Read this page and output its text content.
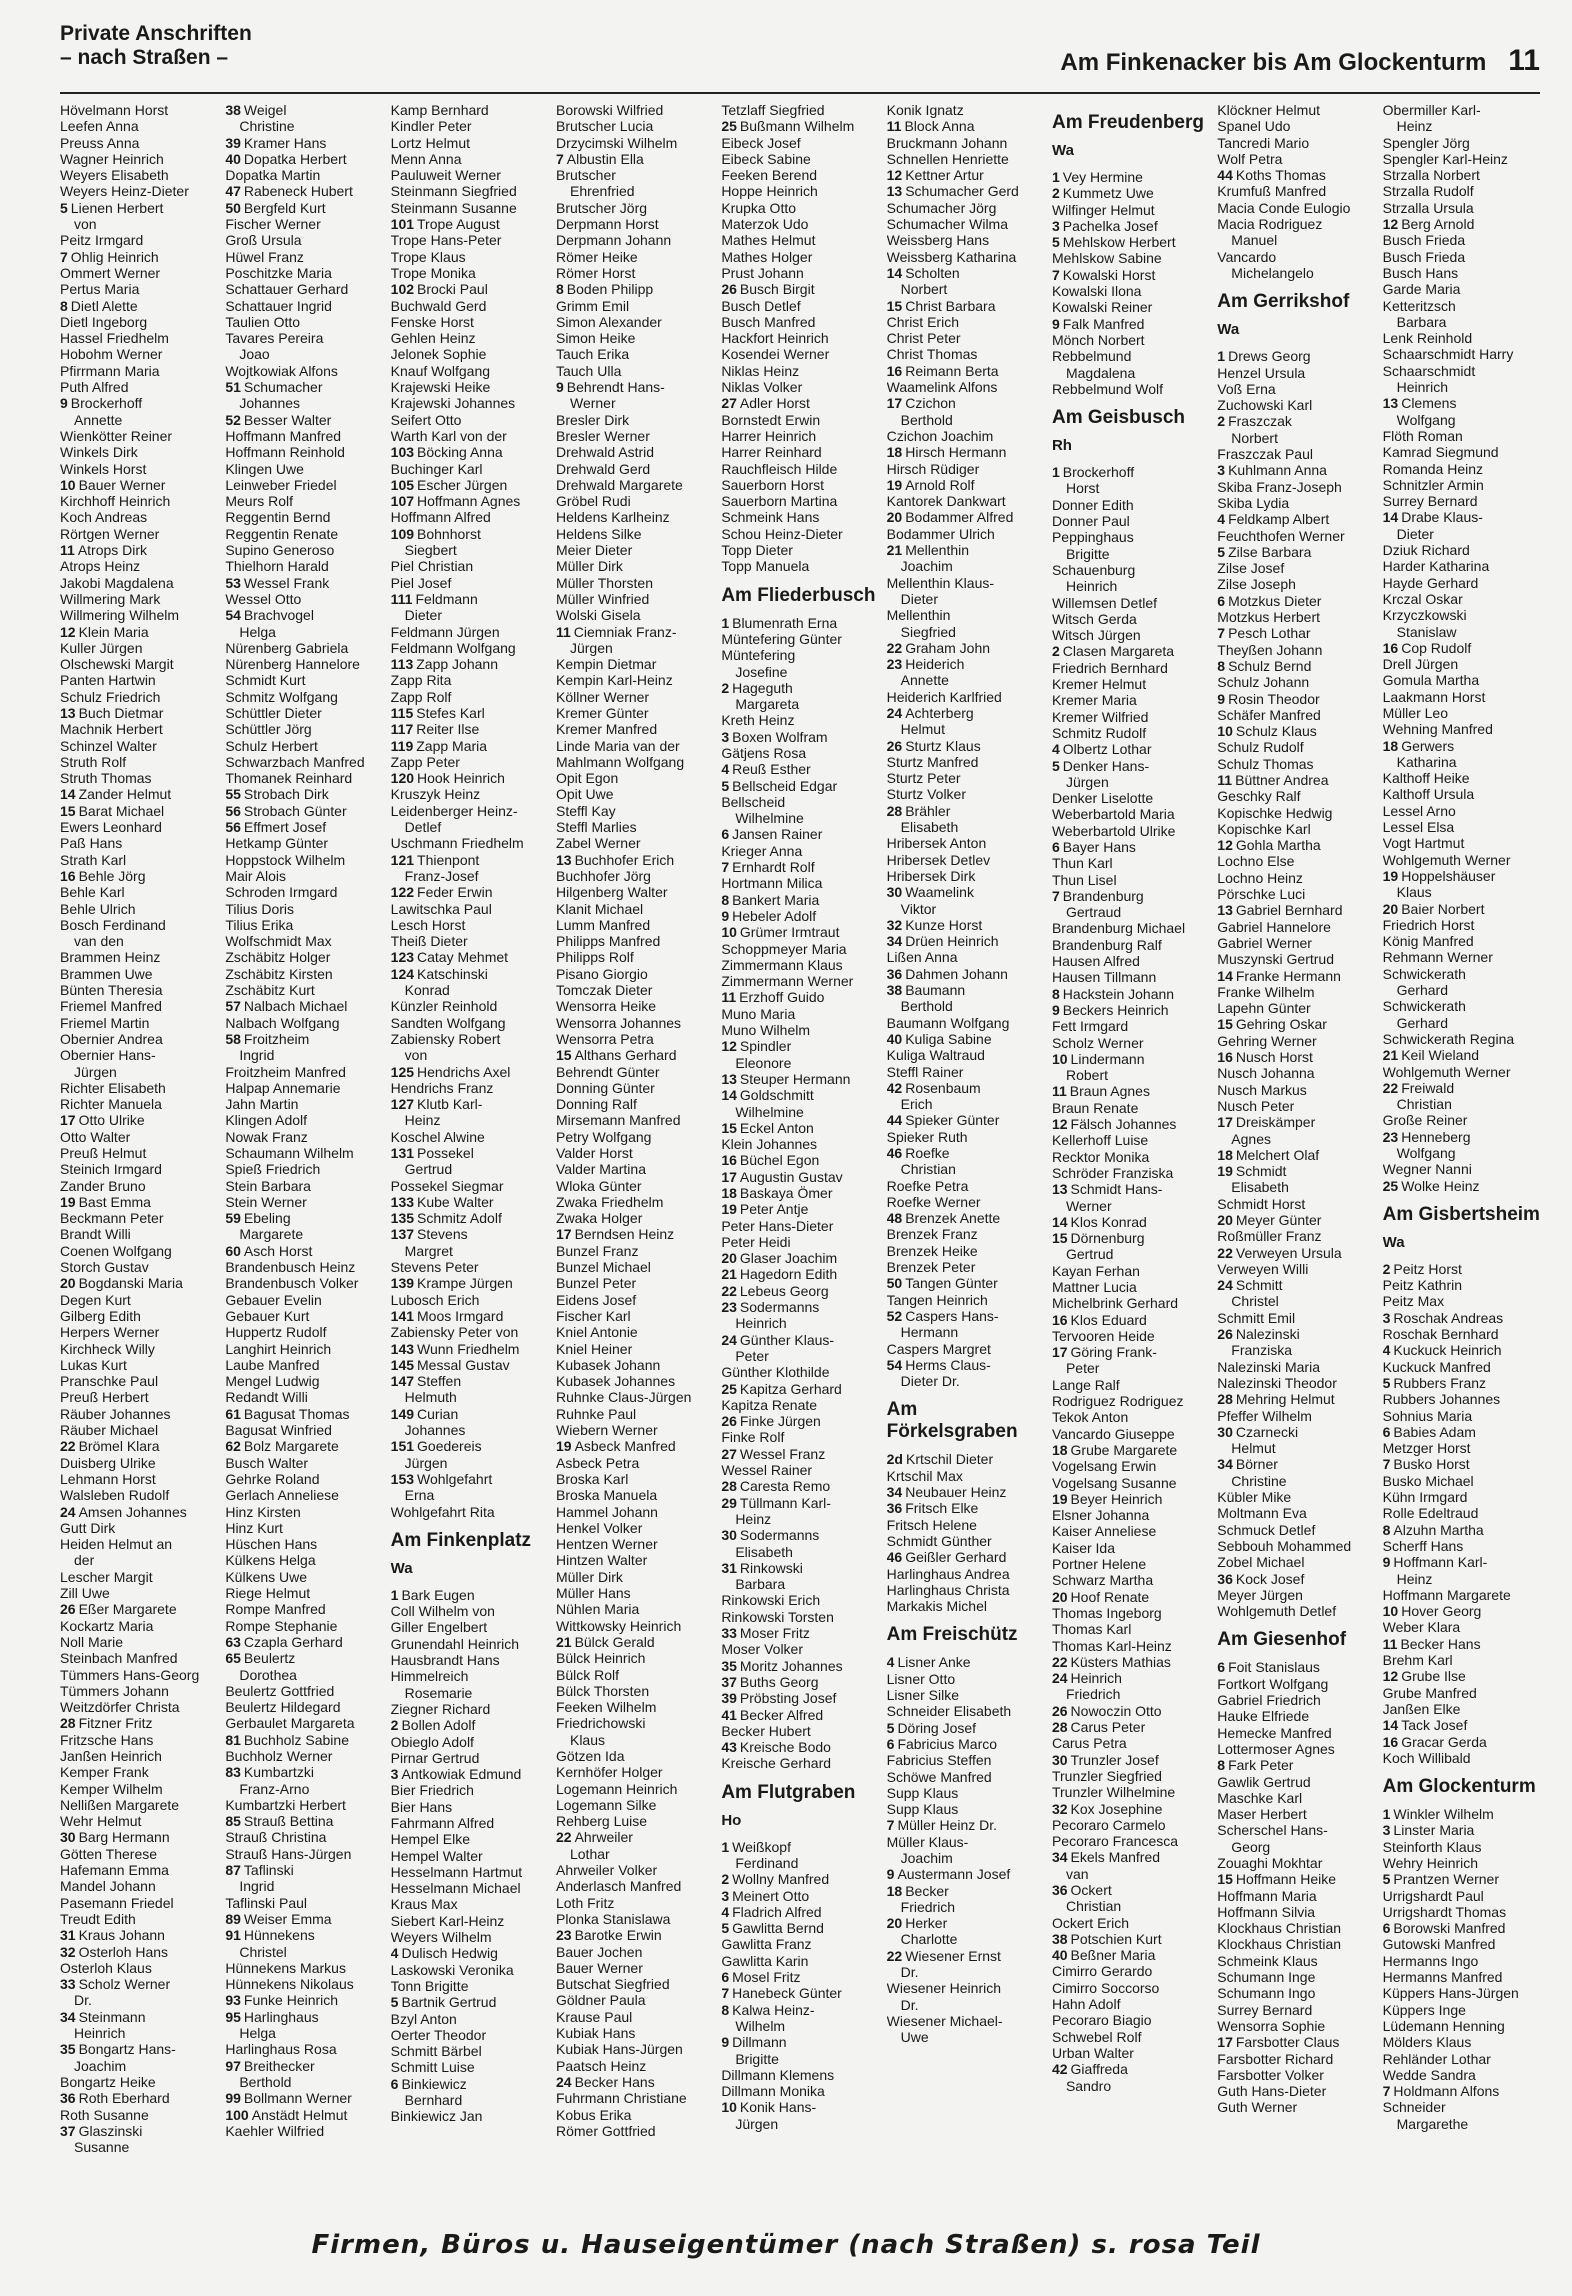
Private Anschriften
– nach Straßen –	Am Finkenacker bis Am Glockenturm 11
Hövelmann Horst
Leefen Anna
Preuss Anna
Wagner Heinrich
Weyers Elisabeth
Weyers Heinz-Dieter
5 Lienen Herbert
von
Peitz Irmgard
7 Ohlig Heinrich
Ommert Werner
Pertus Maria
8 Dietl Alette
Dietl Ingeborg
Hassel Friedhelm
Hobohm Werner
Pfirrmann Maria
Puth Alfred
9 Brockerhoff
Annette
Wienkötter Reiner
Winkels Dirk
Winkels Horst
10 Bauer Werner
Kirchhoff Heinrich
Koch Andreas
Rörtgen Werner
11 Atrops Dirk
Atrops Heinz
Jakobi Magdalena
Willmering Mark
Willmering Wilhelm
12 Klein Maria
Kuller Jürgen
Olschewski Margit
Panten Hartwin
Schulz Friedrich
13 Buch Dietmar
Machnik Herbert
Schinzel Walter
Struth Rolf
Struth Thomas
14 Zander Helmut
15 Barat Michael
Ewers Leonhard
Paß Hans
Strath Karl
16 Behle Jörg
Behle Karl
Behle Ulrich
Bosch Ferdinand
van den
Brammen Heinz
Brammen Uwe
Bünten Theresia
Friemel Manfred
Friemel Martin
Obernier Andrea
Obernier Hans-
Jürgen
Richter Elisabeth
Richter Manuela
17 Otto Ulrike
Otto Walter
Preuß Helmut
Steinich Irmgard
Zander Bruno
19 Bast Emma
Beckmann Peter
Brandt Willi
Coenen Wolfgang
Storch Gustav
20 Bogdanski Maria
Degen Kurt
Gilberg Edith
Herpers Werner
Kirchheck Willy
Lukas Kurt
Pranschke Paul
Preuß Herbert
Räuber Johannes
Räuber Michael
22 Brömel Klara
Duisberg Ulrike
Lehmann Horst
Walsleben Rudolf
24 Amsen Johannes
Gutt Dirk
Heiden Helmut an
der
Lescher Margit
Zill Uwe
26 Eßer Margarete
Kockartz Maria
Noll Marie
Steinbach Manfred
Tümmers Hans-Georg
Tümmers Johann
Weitzdörfer Christa
28 Fitzner Fritz
Fritzsche Hans
Janßen Heinrich
Kemper Frank
Kemper Wilhelm
Nellißen Margarete
Wehr Helmut
30 Barg Hermann
Götten Therese
Hafemann Emma
Mandel Johann
Pasemann Friedel
Treudt Edith
31 Kraus Johann
32 Osterloh Hans
Osterloh Klaus
33 Scholz Werner
Dr.
34 Steinmann
Heinrich
35 Bongartz Hans-
Joachim
Bongartz Heike
36 Roth Eberhard
Roth Susanne
37 Glaszinski
Susanne
38 Weigel
Christine
39 Kramer Hans
40 Dopatka Herbert
Dopatka Martin
47 Rabeneck Hubert
50 Bergfeld Kurt
Fischer Werner
Groß Ursula
Hüwel Franz
Poschitzke Maria
Schattauer Gerhard
Schattauer Ingrid
Taulien Otto
Tavares Pereira
Joao
Wojtkowiak Alfons
51 Schumacher
Johannes
52 Besser Walter
Hoffmann Manfred
Hoffmann Reinhold
Klingen Uwe
Leinweber Friedel
Meurs Rolf
Reggentin Bernd
Reggentin Renate
Supino Generoso
Thielhorn Harald
53 Wessel Frank
Wessel Otto
54 Brachvogel
Helga
Nürenberg Gabriela
Nürenberg Hannelore
Schmidt Kurt
Schmitz Wolfgang
Schüttler Dieter
Schüttler Jörg
Schulz Herbert
Schwarzbach Manfred
Thomanek Reinhard
55 Strobach Dirk
56 Strobach Günter
56 Effmert Josef
Hetkamp Günter
Hoppstock Wilhelm
Mair Alois
Schroden Irmgard
Tilius Doris
Tilius Erika
Wolfschmidt Max
Zschäbitz Holger
Zschäbitz Kirsten
Zschäbitz Kurt
57 Nalbach Michael
Nalbach Wolfgang
58 Froitzheim
Ingrid
Froitzheim Manfred
Halpap Annemarie
Jahn Martin
Klingen Adolf
Nowak Franz
Schaumann Wilhelm
Spieß Friedrich
Stein Barbara
Stein Werner
59 Ebeling
Margarete
60 Asch Horst
Brandenbusch Heinz
Brandenbusch Volker
Gebauer Evelin
Gebauer Kurt
Huppertz Rudolf
Langhirt Heinrich
Laube Manfred
Mengel Ludwig
Redandt Willi
61 Bagusat Thomas
Bagusat Winfried
62 Bolz Margarete
Busch Walter
Gehrke Roland
Gerlach Anneliese
Hinz Kirsten
Hinz Kurt
Hüschen Hans
Külkens Helga
Külkens Uwe
Riege Helmut
Rompe Manfred
Rompe Stephanie
63 Czapla Gerhard
65 Beulertz
Dorothea
Beulertz Gottfried
Beulertz Hildegard
Gerbaulet Margareta
81 Buchholz Sabine
Buchholz Werner
83 Kumbartzki
Franz-Arno
Kumbartzki Herbert
85 Strauß Bettina
Strauß Christina
Strauß Hans-Jürgen
87 Taflinski
Ingrid
Taflinski Paul
89 Weiser Emma
91 Hünnekens
Christel
Hünnekens Markus
Hünnekens Nikolaus
93 Funke Heinrich
95 Harlinghaus
Helga
Harlinghaus Rosa
97 Breithecker
Berthold
99 Bollmann Werner
100 Anstädt Helmut
Kaehler Wilfried
Kamp Bernhard
Kindler Peter
Lortz Helmut
Menn Anna
Pauluweit Werner
Steinmann Siegfried
Steinmann Susanne
101 Trope August
Trope Hans-Peter
Trope Klaus
Trope Monika
102 Brocki Paul
Buchwald Gerd
Fenske Horst
Gehlen Heinz
Jelonek Sophie
Knauf Wolfgang
Krajewski Heike
Krajewski Johannes
Seifert Otto
Warth Karl von der
103 Böcking Anna
Buchinger Karl
105 Escher Jürgen
107 Hoffmann Agnes
Hoffmann Alfred
109 Bohnhorst
Siegbert
Piel Christian
Piel Josef
111 Feldmann
Dieter
Feldmann Jürgen
Feldmann Wolfgang
113 Zapp Johann
Zapp Rita
Zapp Rolf
115 Stefes Karl
117 Reiter Ilse
119 Zapp Maria
Zapp Peter
120 Hook Heinrich
Kruszyk Heinz
Leidenberger Heinz-
Detlef
Uschmann Friedhelm
121 Thienpont
Franz-Josef
122 Feder Erwin
Lawitschka Paul
Lesch Horst
Theiß Dieter
123 Catay Mehmet
124 Katschinski
Konrad
Künzler Reinhold
Sandten Wolfgang
Zabiensky Robert
von
125 Hendrichs Axel
Hendrichs Franz
127 Klutb Karl-
Heinz
Koschel Alwine
131 Possekel
Gertrud
Possekel Siegmar
133 Kube Walter
135 Schmitz Adolf
137 Stevens
Margret
Stevens Peter
139 Krampe Jürgen
Lubosch Erich
141 Moos Irmgard
Zabiensky Peter von
143 Wunn Friedhelm
145 Messal Gustav
147 Steffen
Helmuth
149 Curian
Johannes
151 Goedereis
Jürgen
153 Wohlgefahrt
Erna
Wohlgefahrt Rita
Am Finkenplatz
Wa
1 Bark Eugen
Coll Wilhelm von
Giller Engelbert
Grunendahl Heinrich
Hausbrandt Hans
Himmelreich
Rosemarie
Ziegner Richard
2 Bollen Adolf
Obieglo Adolf
Pirnar Gertrud
3 Antkowiak Edmund
Bier Friedrich
Bier Hans
Fahrmann Alfred
Hempel Elke
Hempel Walter
Hesselmann Hartmut
Hesselmann Michael
Kraus Max
Siebert Karl-Heinz
Weyers Wilhelm
4 Dulisch Hedwig
Laskowski Veronika
Tonn Brigitte
5 Bartnik Gertrud
Bzyl Anton
Oerter Theodor
Schmitt Bärbel
Schmitt Luise
6 Binkiewicz
Bernhard
Binkiewicz Jan
Borowski Wilfried
Brutscher Lucia
Drzycimski Wilhelm
7 Albustin Ella
Brutscher
Ehrenfried
Brutscher Jörg
Derpmann Horst
Derpmann Johann
Römer Heike
Römer Horst
8 Boden Philipp
Grimm Emil
Simon Alexander
Simon Heike
Tauch Erika
Tauch Ulla
9 Behrendt Hans-
Werner
Bresler Dirk
Bresler Werner
Drehwald Astrid
Drehwald Gerd
Drehwald Margarete
Gröbel Rudi
Heldens Karlheinz
Heldens Silke
Meier Dieter
Müller Dirk
Müller Thorsten
Müller Winfried
Wolski Gisela
11 Ciemniak Franz-
Jürgen
Kempin Dietmar
Kempin Karl-Heinz
Köllner Werner
Kremer Günter
Kremer Manfred
Linde Maria van der
Mahlmann Wolfgang
Opit Egon
Opit Uwe
Steffl Kay
Steffl Marlies
Zabel Werner
13 Buchhofer Erich
Buchhofer Jörg
Hilgenberg Walter
Klanit Michael
Lumm Manfred
Philipps Manfred
Philipps Rolf
Pisano Giorgio
Tomczak Dieter
Wensorra Heike
Wensorra Johannes
Wensorra Petra
15 Althans Gerhard
Behrendt Günter
Donning Günter
Donning Ralf
Mirsemann Manfred
Petry Wolfgang
Valder Horst
Valder Martina
Wloka Günter
Zwaka Friedhelm
Zwaka Holger
17 Berndsen Heinz
Bunzel Franz
Bunzel Michael
Bunzel Peter
Eidens Josef
Fischer Karl
Kniel Antonie
Kniel Heiner
Kubasek Johann
Kubasek Johannes
Ruhnke Claus-Jürgen
Ruhnke Paul
Wiebern Werner
19 Asbeck Manfred
Asbeck Petra
Broska Karl
Broska Manuela
Hammel Johann
Henkel Volker
Hentzen Werner
Hintzen Walter
Müller Dirk
Müller Hans
Nühlen Maria
Wittkowsky Heinrich
21 Bülck Gerald
Bülck Heinrich
Bülck Rolf
Bülck Thorsten
Feeken Wilhelm
Friedrichowski
Klaus
Götzen Ida
Kernhöfer Holger
Logemann Heinrich
Logemann Silke
Rehberg Luise
22 Ahrweiler
Lothar
Ahrweiler Volker
Anderlasch Manfred
Loth Fritz
Plonka Stanislawa
23 Barotke Erwin
Bauer Jochen
Bauer Werner
Butschat Siegfried
Göldner Paula
Krause Paul
Kubiak Hans
Kubiak Hans-Jürgen
Paatsch Heinz
24 Becker Hans
Fuhrmann Christiane
Kobus Erika
Römer Gottfried
Tetzlaff Siegfried
25 Bußmann Wilhelm
Eibeck Josef
Eibeck Sabine
Feeken Berend
Hoppe Heinrich
Krupka Otto
Materzok Udo
Mathes Helmut
Mathes Holger
Prust Johann
26 Busch Birgit
Busch Detlef
Busch Manfred
Hackfort Heinrich
Kosendei Werner
Niklas Heinz
Niklas Volker
27 Adler Horst
Bornstedt Erwin
Harrer Heinrich
Harrer Reinhard
Rauchfleisch Hilde
Sauerborn Horst
Sauerborn Martina
Schmeink Hans
Schou Heinz-Dieter
Topp Dieter
Topp Manuela
Am Fliederbusch
1 Blumenrath Erna
Müntefering Günter
Müntefering
Josefine
2 Hageguth
Margareta
Kreth Heinz
3 Boxen Wolfram
Gätjens Rosa
4 Reuß Esther
5 Bellscheid Edgar
Bellscheid
Wilhelmine
6 Jansen Rainer
Krieger Anna
7 Ernhardt Rolf
Hortmann Milica
8 Bankert Maria
9 Hebeler Adolf
10 Grümer Irmtraut
Schoppmeyer Maria
Zimmermann Klaus
Zimmermann Werner
11 Erzhoff Guido
Muno Maria
Muno Wilhelm
12 Spindler
Eleonore
13 Steuper Hermann
14 Goldschmitt
Wilhelmine
15 Eckel Anton
Klein Johannes
16 Büchel Egon
17 Augustin Gustav
18 Baskaya Ömer
19 Peter Antje
Peter Hans-Dieter
Peter Heidi
20 Glaser Joachim
21 Hagedorn Edith
22 Lebeus Georg
23 Sodermanns
Heinrich
24 Günther Klaus-
Peter
Günther Klothilde
25 Kapitza Gerhard
Kapitza Renate
26 Finke Jürgen
Finke Rolf
27 Wessel Franz
Wessel Rainer
28 Caresta Remo
29 Tüllmann Karl-
Heinz
30 Sodermanns
Elisabeth
31 Rinkowski
Barbara
Rinkowski Erich
Rinkowski Torsten
33 Moser Fritz
Moser Volker
35 Moritz Johannes
37 Buths Georg
39 Pröbsting Josef
41 Becker Alfred
Becker Hubert
43 Kreische Bodo
Kreische Gerhard
Am Flutgraben
Ho
1 Weißkopf
Ferdinand
2 Wollny Manfred
3 Meinert Otto
4 Fladrich Alfred
5 Gawlitta Bernd
Gawlitta Franz
Gawlitta Karin
6 Mosel Fritz
7 Hanebeck Günter
8 Kalwa Heinz-
Wilhelm
9 Dillmann
Brigitte
Dillmann Klemens
Dillmann Monika
10 Konik Hans-
Jürgen
Konik Ignatz
11 Block Anna
Bruckmann Johann
Schnellen Henriette
12 Kettner Artur
13 Schumacher Gerd
Schumacher Jörg
Schumacher Wilma
Weissberg Hans
Weissberg Katharina
14 Scholten
Norbert
15 Christ Barbara
Christ Erich
Christ Peter
Christ Thomas
16 Reimann Berta
Waamelink Alfons
17 Czichon
Berthold
Czichon Joachim
18 Hirsch Hermann
Hirsch Rüdiger
19 Arnold Rolf
Kantorek Dankwart
20 Bodammer Alfred
Bodammer Ulrich
21 Mellenthin
Joachim
Mellenthin Klaus-
Dieter
Mellenthin
Siegfried
22 Graham John
23 Heiderich
Annette
Heiderich Karlfried
24 Achterberg
Helmut
26 Sturtz Klaus
Sturtz Manfred
Sturtz Peter
Sturtz Volker
28 Brähler
Elisabeth
Hribersek Anton
Hribersek Detlev
Hribersek Dirk
30 Waamelink
Viktor
32 Kunze Horst
34 Drüen Heinrich
Lißen Anna
36 Dahmen Johann
38 Baumann
Berthold
Baumann Wolfgang
40 Kuliga Sabine
Kuliga Waltraud
Steffl Rainer
42 Rosenbaum
Erich
44 Spieker Günter
Spieker Ruth
46 Roefke
Christian
Roefke Petra
Roefke Werner
48 Brenzek Anette
Brenzek Franz
Brenzek Heike
Brenzek Peter
50 Tangen Günter
Tangen Heinrich
52 Caspers Hans-
Hermann
Caspers Margret
54 Herms Claus-
Dieter Dr.
Am Förkelsgraben
2d Krtschil Dieter
Krtschil Max
34 Neubauer Heinz
36 Fritsch Elke
Fritsch Helene
Schmidt Günther
46 Geißler Gerhard
Harlinghaus Andrea
Harlinghaus Christa
Markakis Michel
Am Freischütz
4 Lisner Anke
Lisner Otto
Lisner Silke
Schneider Elisabeth
5 Döring Josef
6 Fabricius Marco
Fabricius Steffen
Schöwe Manfred
Supp Klaus
Supp Klaus
7 Müller Heinz Dr.
Müller Klaus-
Joachim
9 Austermann Josef
18 Becker
Friedrich
20 Herker
Charlotte
22 Wiesener Ernst
Dr.
Wiesener Heinrich
Dr.
Wiesener Michael-
Uwe
Am Freudenberg
Wa
1 Vey Hermine
2 Kummetz Uwe
Wilfinger Helmut
3 Pachelka Josef
5 Mehlskow Herbert
Mehlskow Sabine
7 Kowalski Horst
Kowalski Ilona
Kowalski Reiner
9 Falk Manfred
Mönch Norbert
Rebbelmund
Magdalena
Rebbelmund Wolf
Am Geisbusch
Rh
1 Brockerhoff
Horst
Donner Edith
Donner Paul
Peppinghaus
Brigitte
Schauenburg
Heinrich
Willemsen Detlef
Witsch Gerda
Witsch Jürgen
2 Clasen Margareta
Friedrich Bernhard
Kremer Helmut
Kremer Maria
Kremer Wilfried
Schmitz Rudolf
4 Olbertz Lothar
5 Denker Hans-
Jürgen
Denker Liselotte
Weberbartold Maria
Weberbartold Ulrike
6 Bayer Hans
Thun Karl
Thun Lisel
7 Brandenburg
Gertraud
Brandenburg Michael
Brandenburg Ralf
Hausen Alfred
Hausen Tillmann
8 Hackstein Johann
9 Beckers Heinrich
Fett Irmgard
Scholz Werner
10 Lindermann
Robert
11 Braun Agnes
Braun Renate
12 Fälsch Johannes
Kellerhoff Luise
Recktor Monika
Schröder Franziska
13 Schmidt Hans-
Werner
14 Klos Konrad
15 Dörnenburg
Gertrud
Kayan Ferhan
Mattner Lucia
Michelbrink Gerhard
16 Klos Eduard
Tervooren Heide
17 Göring Frank-
Peter
Lange Ralf
Rodriguez Rodriguez
Tekok Anton
Vancardo Giuseppe
18 Grube Margarete
Vogelsang Erwin
Vogelsang Susanne
19 Beyer Heinrich
Elsner Johanna
Kaiser Anneliese
Kaiser Ida
Portner Helene
Schwarz Martha
20 Hoof Renate
Thomas Ingeborg
Thomas Karl
Thomas Karl-Heinz
22 Küsters Mathias
24 Heinrich
Friedrich
26 Nowoczin Otto
28 Carus Peter
Carus Petra
30 Trunzler Josef
Trunzler Siegfried
Trunzler Wilhelmine
32 Kox Josephine
Pecoraro Carmelo
Pecoraro Francesca
34 Ekels Manfred
van
36 Ockert
Christian
Ockert Erich
38 Potschien Kurt
40 Beßner Maria
Cimirro Gerardo
Cimirro Soccorso
Hahn Adolf
Pecoraro Biagio
Schwebel Rolf
Urban Walter
42 Giaffreda
Sandro
Klöckner Helmut
Spanel Udo
Tancredi Mario
Wolf Petra
44 Koths Thomas
Krumfuß Manfred
Macia Conde Eulogio
Macia Rodriguez
Manuel
Vancardo
Michelangelo
Am Gerrikshof
Wa
1 Drews Georg
Henzel Ursula
Voß Erna
Zuchowski Karl
2 Fraszczak
Norbert
Fraszczak Paul
3 Kuhlmann Anna
Skiba Franz-Joseph
Skiba Lydia
4 Feldkamp Albert
Feuchthofen Werner
5 Zilse Barbara
Zilse Josef
Zilse Joseph
6 Motzkus Dieter
Motzkus Herbert
7 Pesch Lothar
Theyßen Johann
8 Schulz Bernd
Schulz Johann
9 Rosin Theodor
Schäfer Manfred
10 Schulz Klaus
Schulz Rudolf
Schulz Thomas
11 Büttner Andrea
Geschky Ralf
Kopischke Hedwig
Kopischke Karl
12 Gohla Martha
Lochno Else
Lochno Heinz
Pörschke Luci
13 Gabriel Bernhard
Gabriel Hannelore
Gabriel Werner
Muszynski Gertrud
14 Franke Hermann
Franke Wilhelm
Lapehn Günter
15 Gehring Oskar
Gehring Werner
16 Nusch Horst
Nusch Johanna
Nusch Markus
Nusch Peter
17 Dreiskämper
Agnes
18 Melchert Olaf
19 Schmidt
Elisabeth
Schmidt Horst
20 Meyer Günter
Roßmüller Franz
22 Verweyen Ursula
Verweyen Willi
24 Schmitt
Christel
Schmitt Emil
26 Nalezinski
Franziska
Nalezinski Maria
Nalezinski Theodor
28 Mehring Helmut
Pfeffer Wilhelm
30 Czarnecki
Helmut
34 Börner
Christine
Kübler Mike
Moltmann Eva
Schmuck Detlef
Sebbouh Mohammed
Zobel Michael
36 Kock Josef
Meyer Jürgen
Wohlgemuth Detlef
Am Giesenhof
6 Foit Stanislaus
Fortkort Wolfgang
Gabriel Friedrich
Hauke Elfriede
Hemecke Manfred
Lottermoser Agnes
8 Fark Peter
Gawlik Gertrud
Maschke Karl
Maser Herbert
Scherschel Hans-
Georg
Zouaghi Mokhtar
15 Hoffmann Heike
Hoffmann Maria
Hoffmann Silvia
Klockhaus Christian
Klockhaus Christian
Schmeink Klaus
Schumann Inge
Schumann Ingo
Surrey Bernard
Wensorra Sophie
17 Farsbotter Claus
Farsbotter Richard
Farsbotter Volker
Guth Hans-Dieter
Guth Werner
Obermiller Karl-
Heinz
Spengler Jörg
Spengler Karl-Heinz
Strzalla Norbert
Strzalla Rudolf
Strzalla Ursula
12 Berg Arnold
Busch Frieda
Busch Frieda
Busch Hans
Garde Maria
Ketteritzsch
Barbara
Lenk Reinhold
Schaarschmidt Harry
Schaarschmidt
Heinrich
13 Clemens
Wolfgang
Flöth Roman
Kamrad Siegmund
Romanda Heinz
Schnitzler Armin
Surrey Bernard
14 Drabe Klaus-
Dieter
Dziuk Richard
Harder Katharina
Hayde Gerhard
Krczal Oskar
Krzyczkowski
Stanislaw
16 Cop Rudolf
Drell Jürgen
Gomula Martha
Laakmann Horst
Müller Leo
Wehning Manfred
18 Gerwers
Katharina
Kalthoff Heike
Kalthoff Ursula
Lessel Arno
Lessel Elsa
Vogt Hartmut
Wohlgemuth Werner
19 Hoppelshäuser
Klaus
20 Baier Norbert
Friedrich Horst
König Manfred
Rehmann Werner
Schwickerath
Gerhard
Schwickerath
Gerhard
Schwickerath Regina
21 Keil Wieland
Wohlgemuth Werner
22 Freiwald
Christian
Große Reiner
23 Henneberg
Wolfgang
Wegner Nanni
25 Wolke Heinz
Am Gisbertsheim
Wa
2 Peitz Horst
Peitz Kathrin
Peitz Max
3 Roschak Andreas
Roschak Bernhard
4 Kuckuck Heinrich
Kuckuck Manfred
5 Rubbers Franz
Rubbers Johannes
Sohnius Maria
6 Babies Adam
Metzger Horst
7 Busko Horst
Busko Michael
Kühn Irmgard
Rolle Edeltraud
8 Alzuhn Martha
Scherff Hans
9 Hoffmann Karl-
Heinz
Hoffmann Margarete
10 Hover Georg
Weber Klara
11 Becker Hans
Brehm Karl
12 Grube Ilse
Grube Manfred
Janßen Elke
14 Tack Josef
16 Gracar Gerda
Koch Willibald
Am Glockenturm
1 Winkler Wilhelm
3 Linster Maria
Steinforth Klaus
Wehry Heinrich
5 Prantzen Werner
Urrigshardt Paul
Urrigshardt Thomas
6 Borowski Manfred
Gutowski Manfred
Hermanns Ingo
Hermanns Manfred
Küppers Hans-Jürgen
Küppers Inge
Lüdemann Henning
Mölders Klaus
Rehländer Lothar
Wedde Sandra
7 Holdmann Alfons
Schneider
Margarethe
Firmen, Büros u. Hauseigentümer (nach Straßen) s. rosa Teil
